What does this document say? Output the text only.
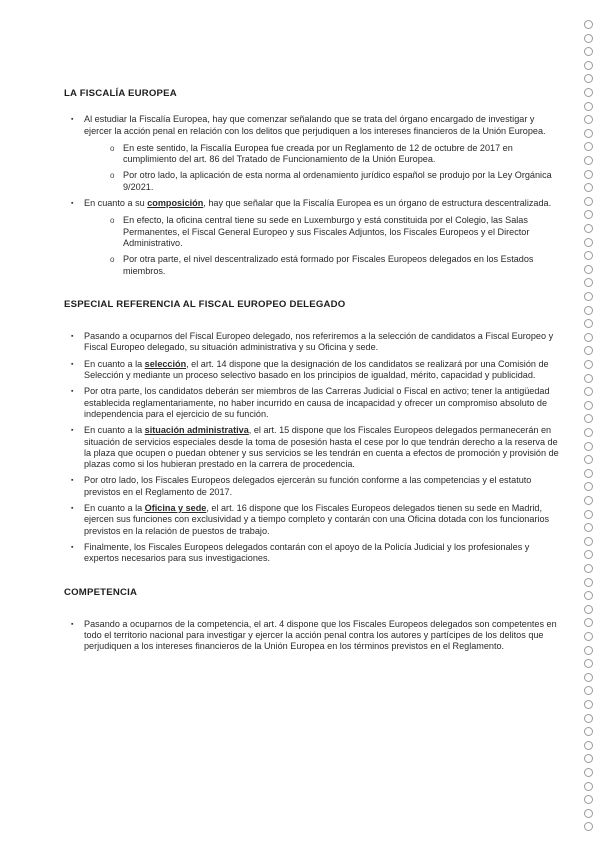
LA FISCALÍA EUROPEA
▪ Al estudiar la Fiscalía Europea, hay que comenzar señalando que se trata del órgano encargado de investigar y ejercer la acción penal en relación con los delitos que perjudiquen a los intereses financieros de la Unión Europea.
o En este sentido, la Fiscalía Europea fue creada por un Reglamento de 12 de octubre de 2017 en cumplimiento del art. 86 del Tratado de Funcionamiento de la Unión Europea.
o Por otro lado, la aplicación de esta norma al ordenamiento jurídico español se produjo por la Ley Orgánica 9/2021.
▪ En cuanto a su composición, hay que señalar que la Fiscalía Europea es un órgano de estructura descentralizada.
o En efecto, la oficina central tiene su sede en Luxemburgo y está constituida por el Colegio, las Salas Permanentes, el Fiscal General Europeo y sus Fiscales Adjuntos, los Fiscales Europeos y el Director Administrativo.
o Por otra parte, el nivel descentralizado está formado por Fiscales Europeos delegados en los Estados miembros.
ESPECIAL REFERENCIA AL FISCAL EUROPEO DELEGADO
▪ Pasando a ocuparnos del Fiscal Europeo delegado, nos referiremos a la selección de candidatos a Fiscal Europeo y Fiscal Europeo delegado, su situación administrativa y su Oficina y sede.
▪ En cuanto a la selección, el art. 14 dispone que la designación de los candidatos se realizará por una Comisión de Selección y mediante un proceso selectivo basado en los principios de igualdad, mérito, capacidad y publicidad.
▪ Por otra parte, los candidatos deberán ser miembros de las Carreras Judicial o Fiscal en activo; tener la antigüedad establecida reglamentariamente, no haber incurrido en causa de incapacidad y ofrecer un compromiso absoluto de independencia para el ejercicio de su función.
▪ En cuanto a la situación administrativa, el art. 15 dispone que los Fiscales Europeos delegados permanecerán en situación de servicios especiales desde la toma de posesión hasta el cese por lo que tendrán derecho a la reserva de la plaza que ocupen o puedan obtener y sus servicios se les tendrán en cuenta a efectos de promoción y provisión de plazas como si los hubieran prestado en la carrera de procedencia.
▪ Por otro lado, los Fiscales Europeos delegados ejercerán su función conforme a las competencias y el estatuto previstos en el Reglamento de 2017.
▪ En cuanto a la Oficina y sede, el art. 16 dispone que los Fiscales Europeos delegados tienen su sede en Madrid, ejercen sus funciones con exclusividad y a tiempo completo y contarán con una Oficina dotada con los funcionarios previstos en la relación de puestos de trabajo.
▪ Finalmente, los Fiscales Europeos delegados contarán con el apoyo de la Policía Judicial y los profesionales y expertos necesarios para sus investigaciones.
COMPETENCIA
▪ Pasando a ocuparnos de la competencia, el art. 4 dispone que los Fiscales Europeos delegados son competentes en todo el territorio nacional para investigar y ejercer la acción penal contra los autores y partícipes de los delitos que perjudiquen a los intereses financieros de la Unión Europea en los términos previstos en el Reglamento.
